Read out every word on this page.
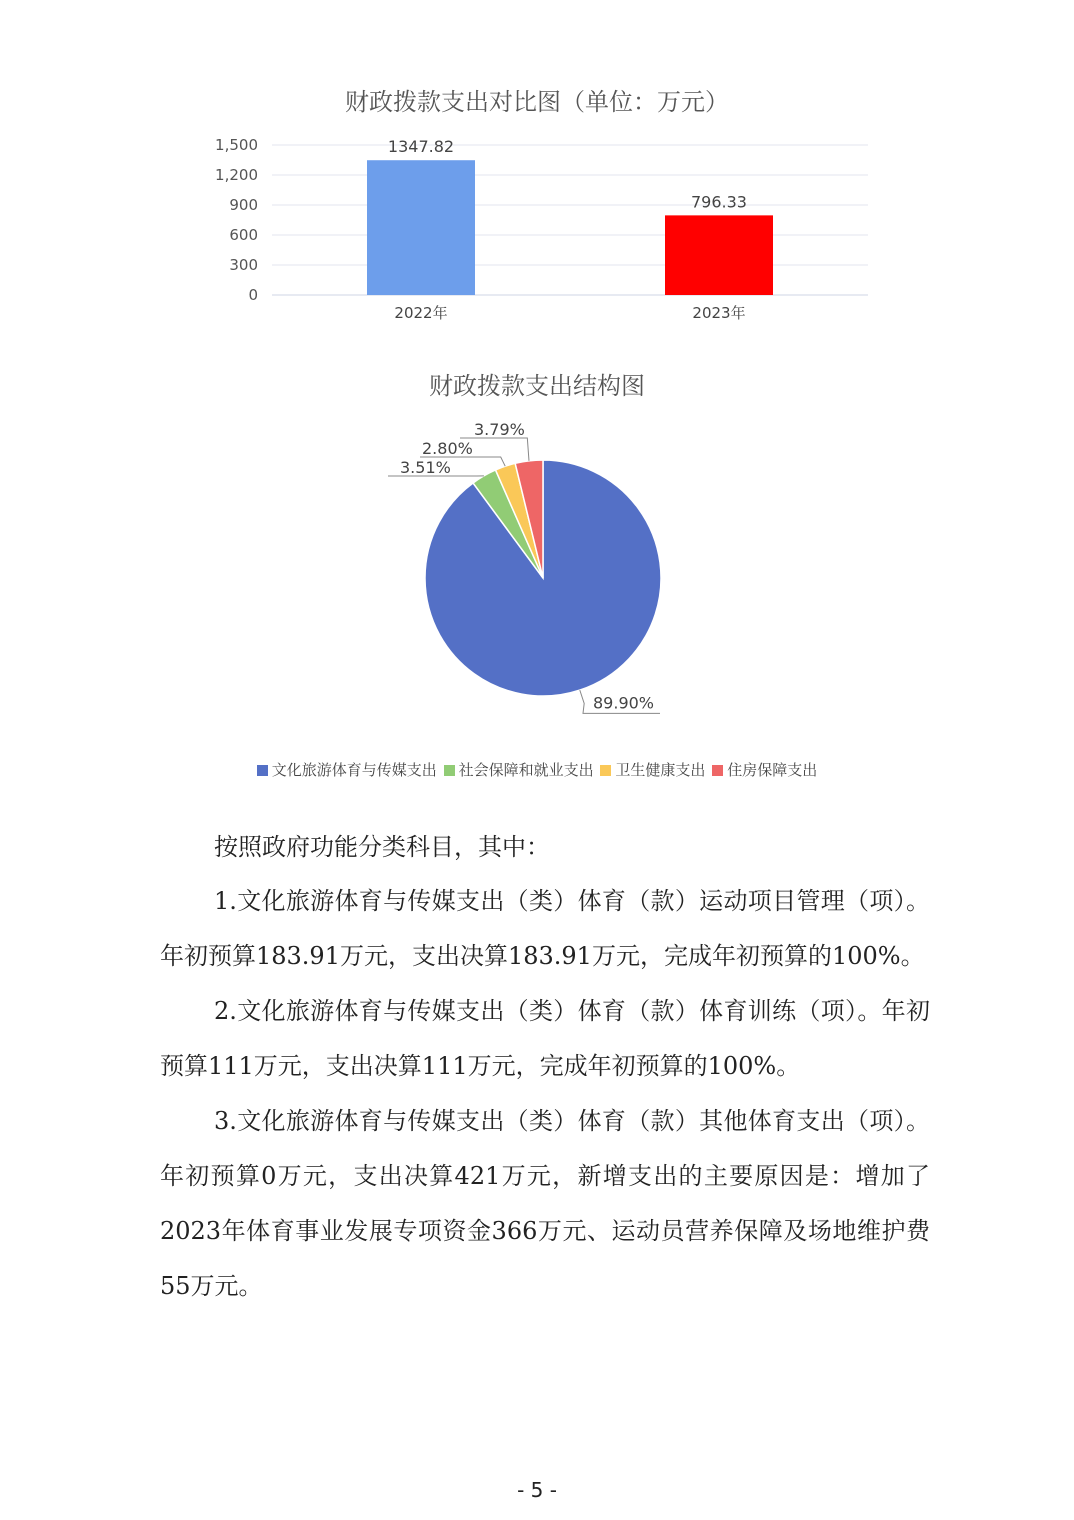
财政拨款支出对比图（单位：万元）
0
300
600
900
1,200
1,500	1347.82
2022年
796.33
2023年
财政拨款支出结构图
89.90%
3.51%
2.80%
3.79%
文化旅游体育与传媒支出 社会保障和就业支出 卫生健康支出 住房保障支出

按照政府功能分类科目，其中：

1.文化旅游体育与传媒支出（类）体育（款）运动项目管理（项）。年初预算183.91万元，支出决算183.91万元，完成年初预算的100%。

2.文化旅游体育与传媒支出（类）体育（款）体育训练（项）。年初预算111万元，支出决算111万元，完成年初预算的100%。

3.文化旅游体育与传媒支出（类）体育（款）其他体育支出（项）。年初预算0万元，支出决算421万元，新增支出的主要原因是：增加了2023年体育事业发展专项资金366万元、运动员营养保障及场地维护费55万元。

- 5 -
